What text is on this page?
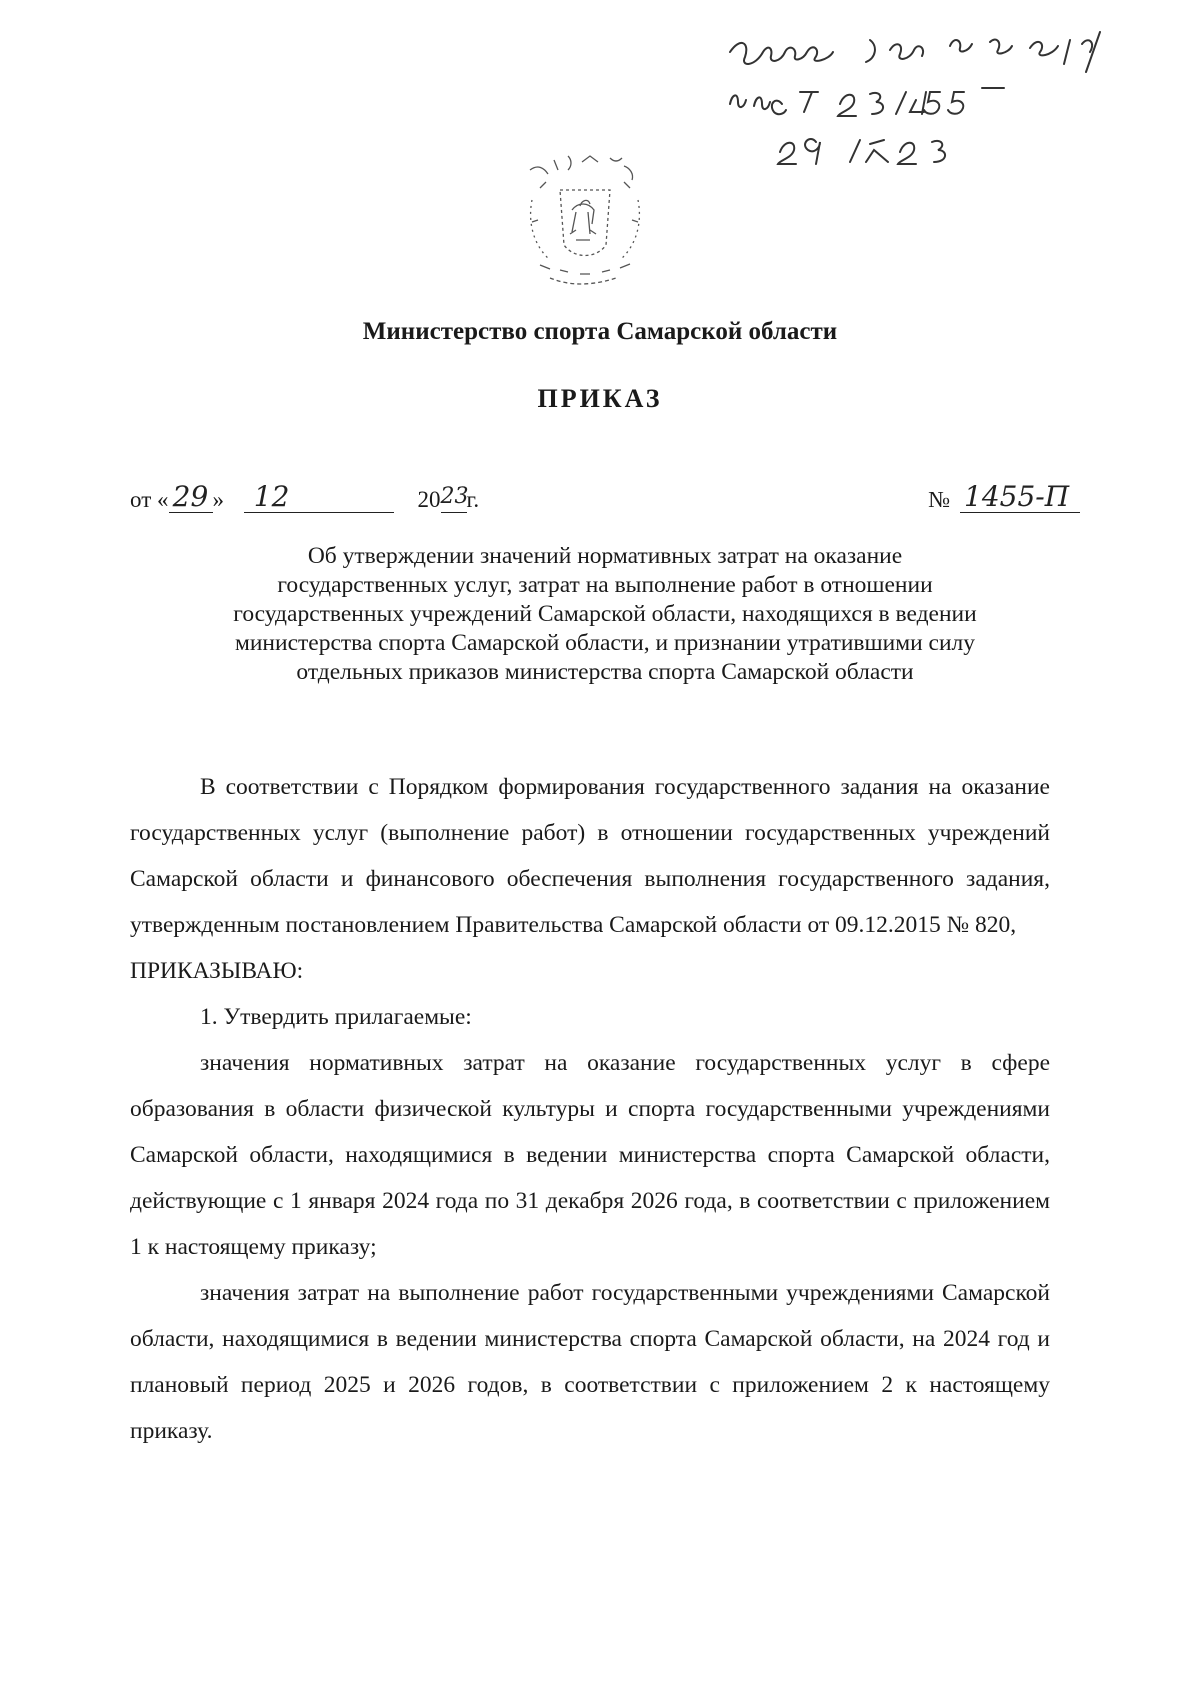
Министерство спорта Самарской области
ПРИКАЗ
от « 29 »	12	20 23
г.	№ 1455-П
Об утверждении значений нормативных затрат на оказание
государственных услуг, затрат на выполнение работ в отношении
государственных учреждений Самарской области, находящихся в ведении
министерства спорта Самарской области, и признании утратившими силу
отдельных приказов министерства спорта Самарской области

В соответствии с Порядком формирования государственного задания на оказание государственных услуг (выполнение работ) в отношении государственных учреждений Самарской области и финансового обеспечения выполнения государственного задания, утвержденным постановлением Правительства Самарской области от 09.12.2015 № 820,

ПРИКАЗЫВАЮ:

1. Утвердить прилагаемые:

значения нормативных затрат на оказание государственных услуг в сфере образования в области физической культуры и спорта государственными учреждениями Самарской области, находящимися в ведении министерства спорта Самарской области, действующие с 1 января 2024 года по 31 декабря 2026 года, в соответствии с приложением 1 к настоящему приказу;

значения затрат на выполнение работ государственными учреждениями Самарской области, находящимися в ведении министерства спорта Самарской области, на 2024 год и плановый период 2025 и 2026 годов, в соответствии с приложением 2 к настоящему приказу.
